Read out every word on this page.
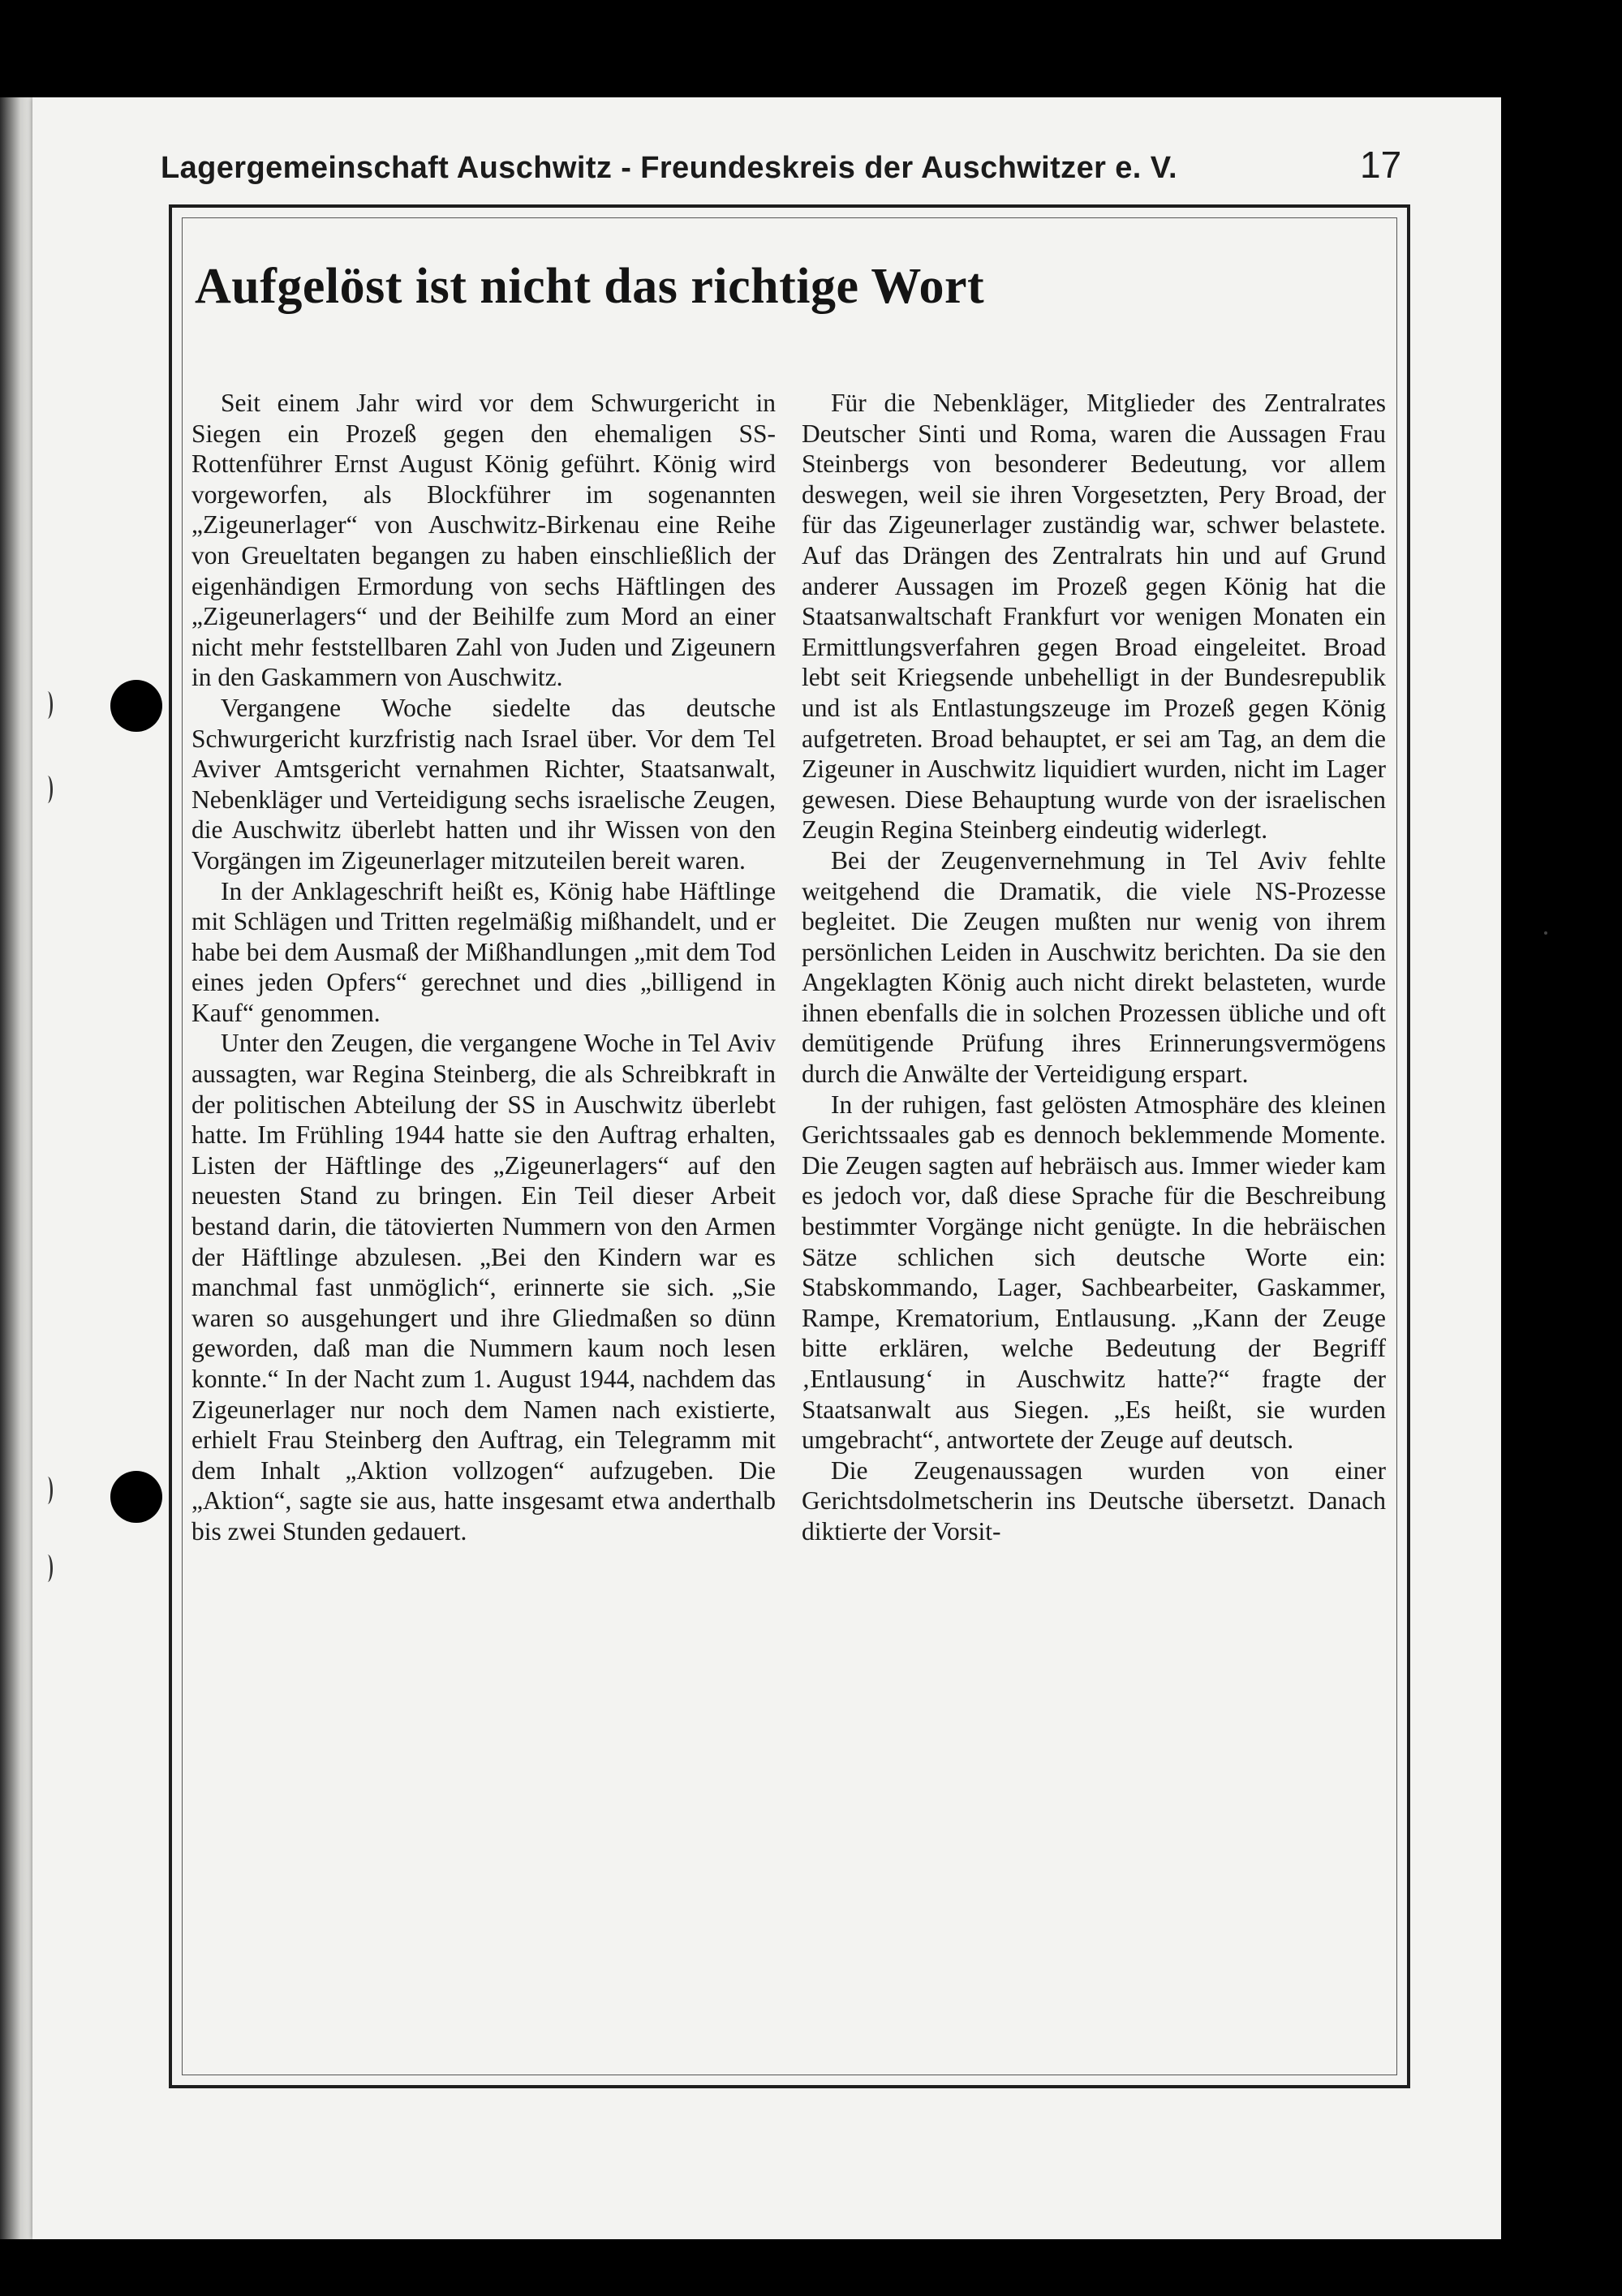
Lagergemeinschaft Auschwitz - Freundeskreis der Auschwitzer e. V.	17
Aufgelöst ist nicht das richtige Wort

Seit einem Jahr wird vor dem Schwurgericht in Siegen ein Prozeß gegen den ehemaligen SS-Rottenführer Ernst August König geführt. König wird vorgeworfen, als Blockführer im sogenannten „Zigeunerlager“ von Auschwitz-Birkenau eine Reihe von Greueltaten begangen zu haben einschließlich der eigenhändigen Ermordung von sechs Häftlingen des „Zigeunerlagers“ und der Beihilfe zum Mord an einer nicht mehr feststellbaren Zahl von Juden und Zigeunern in den Gaskammern von Auschwitz.

Vergangene Woche siedelte das deutsche Schwurgericht kurzfristig nach Israel über. Vor dem Tel Aviver Amtsgericht vernahmen Richter, Staatsanwalt, Nebenkläger und Verteidigung sechs israelische Zeugen, die Auschwitz überlebt hatten und ihr Wissen von den Vorgängen im Zigeunerlager mitzuteilen bereit waren.

In der Anklageschrift heißt es, König habe Häftlinge mit Schlägen und Tritten regelmäßig mißhandelt, und er habe bei dem Ausmaß der Mißhandlungen „mit dem Tod eines jeden Opfers“ gerechnet und dies „billigend in Kauf“ genommen.

Unter den Zeugen, die vergangene Woche in Tel Aviv aussagten, war Regina Steinberg, die als Schreibkraft in der politischen Abteilung der SS in Auschwitz überlebt hatte. Im Frühling 1944 hatte sie den Auftrag erhalten, Listen der Häftlinge des „Zigeunerlagers“ auf den neuesten Stand zu bringen. Ein Teil dieser Arbeit bestand darin, die tätovierten Nummern von den Armen der Häftlinge abzulesen. „Bei den Kindern war es manchmal fast unmöglich“, erinnerte sie sich. „Sie waren so ausgehungert und ihre Gliedmaßen so dünn geworden, daß man die Nummern kaum noch lesen konnte.“ In der Nacht zum 1. August 1944, nachdem das Zigeunerlager nur noch dem Namen nach existierte, erhielt Frau Steinberg den Auftrag, ein Telegramm mit dem Inhalt „Aktion vollzogen“ aufzugeben. Die „Aktion“, sagte sie aus, hatte insgesamt etwa anderthalb bis zwei Stunden gedauert.

Für die Nebenkläger, Mitglieder des Zentralrates Deutscher Sinti und Roma, waren die Aussagen Frau Steinbergs von besonderer Bedeutung, vor allem deswegen, weil sie ihren Vorgesetzten, Pery Broad, der für das Zigeunerlager zuständig war, schwer belastete. Auf das Drängen des Zentralrats hin und auf Grund anderer Aussagen im Prozeß gegen König hat die Staatsanwaltschaft Frankfurt vor wenigen Monaten ein Ermittlungsverfahren gegen Broad eingeleitet. Broad lebt seit Kriegsende unbehelligt in der Bundesrepublik und ist als Entlastungszeuge im Prozeß gegen König aufgetreten. Broad behauptet, er sei am Tag, an dem die Zigeuner in Auschwitz liquidiert wurden, nicht im Lager gewesen. Diese Behauptung wurde von der israelischen Zeugin Regina Steinberg eindeutig widerlegt.

Bei der Zeugenvernehmung in Tel Aviv fehlte weitgehend die Dramatik, die viele NS-Prozesse begleitet. Die Zeugen mußten nur wenig von ihrem persönlichen Leiden in Auschwitz berichten. Da sie den Angeklagten König auch nicht direkt belasteten, wurde ihnen ebenfalls die in solchen Prozessen übliche und oft demütigende Prüfung ihres Erinnerungsvermögens durch die Anwälte der Verteidigung erspart.

In der ruhigen, fast gelösten Atmosphäre des kleinen Gerichtssaales gab es dennoch beklemmende Momente. Die Zeugen sagten auf hebräisch aus. Immer wieder kam es jedoch vor, daß diese Sprache für die Beschreibung bestimmter Vorgänge nicht genügte. In die hebräischen Sätze schlichen sich deutsche Worte ein: Stabskommando, Lager, Sachbearbeiter, Gaskammer, Rampe, Krematorium, Entlausung. „Kann der Zeuge bitte erklären, welche Bedeutung der Begriff ‚Entlausung‘ in Auschwitz hatte?“ fragte der Staatsanwalt aus Siegen. „Es heißt, sie wurden umgebracht“, antwortete der Zeuge auf deutsch.

Die Zeugenaussagen wurden von einer Gerichtsdolmetscherin ins Deutsche übersetzt. Danach diktierte der Vorsit-
